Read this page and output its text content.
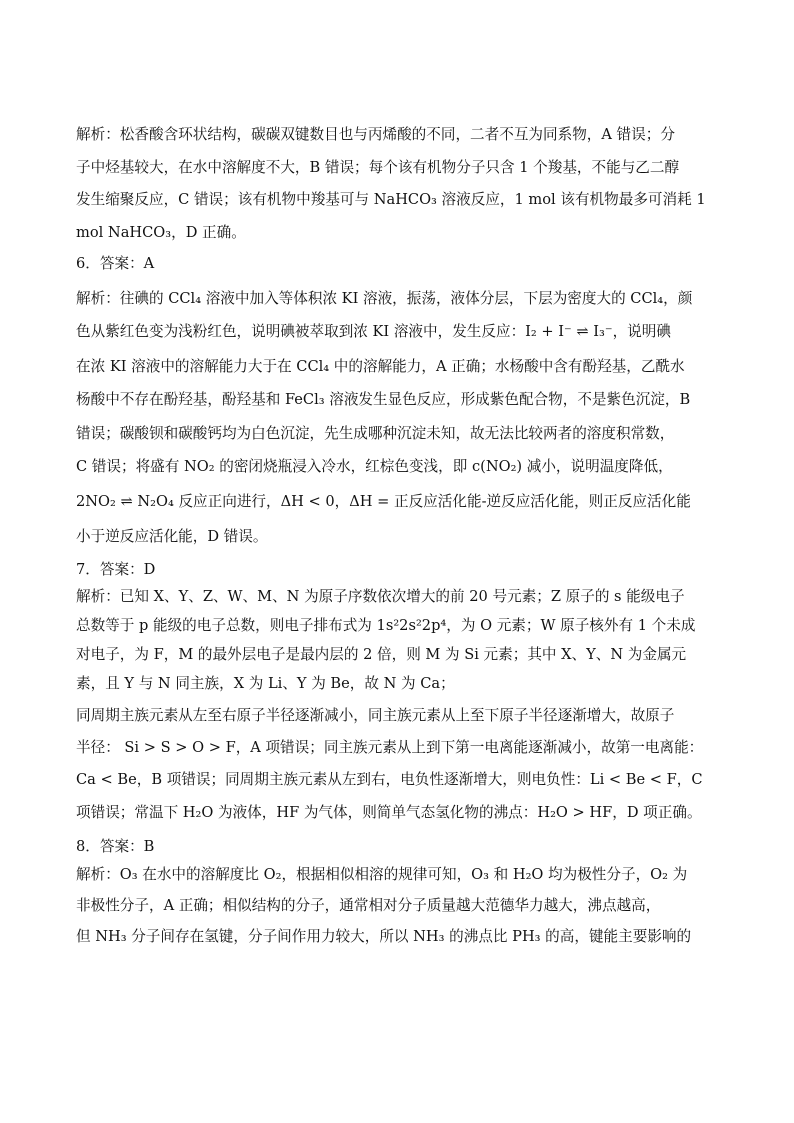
解析：松香酸含环状结构，碳碳双键数目也与丙烯酸的不同，二者不互为同系物，A 错误；分
子中烃基较大，在水中溶解度不大，B 错误；每个该有机物分子只含 1 个羧基，不能与乙二醇
发生缩聚反应，C 错误；该有机物中羧基可与 NaHCO₃ 溶液反应，1 mol 该有机物最多可消耗 1
mol NaHCO₃，D 正确。
6．答案：A
解析：往碘的 CCl₄ 溶液中加入等体积浓 KI 溶液，振荡，液体分层，下层为密度大的 CCl₄，颜
色从紫红色变为浅粉红色，说明碘被萃取到浓 KI 溶液中，发生反应：I₂ + I⁻ ⇌ I₃⁻，说明碘
在浓 KI 溶液中的溶解能力大于在 CCl₄ 中的溶解能力，A 正确；水杨酸中含有酚羟基，乙酰水
杨酸中不存在酚羟基，酚羟基和 FeCl₃ 溶液发生显色反应，形成紫色配合物，不是紫色沉淀，B
错误；碳酸钡和碳酸钙均为白色沉淀，先生成哪种沉淀未知，故无法比较两者的溶度积常数，
C 错误；将盛有 NO₂ 的密闭烧瓶浸入冷水，红棕色变浅，即 c(NO₂) 减小，说明温度降低，
2NO₂ ⇌ N₂O₄ 反应正向进行，ΔH < 0，ΔH = 正反应活化能-逆反应活化能，则正反应活化能
小于逆反应活化能，D 错误。
7．答案：D
解析：已知 X、Y、Z、W、M、N 为原子序数依次增大的前 20 号元素；Z 原子的 s 能级电子
总数等于 p 能级的电子总数，则电子排布式为 1s²2s²2p⁴，为 O 元素；W 原子核外有 1 个未成
对电子，为 F，M 的最外层电子是最内层的 2 倍，则 M 为 Si 元素；其中 X、Y、N 为金属元
素，且 Y 与 N 同主族，X 为 Li、Y 为 Be，故 N 为 Ca；
同周期主族元素从左至右原子半径逐渐减小，同主族元素从上至下原子半径逐渐增大，故原子
半径： Si > S > O > F，A 项错误；同主族元素从上到下第一电离能逐渐减小，故第一电离能：
Ca < Be，B 项错误；同周期主族元素从左到右，电负性逐渐增大，则电负性：Li < Be < F，C
项错误；常温下 H₂O 为液体，HF 为气体，则简单气态氢化物的沸点：H₂O > HF，D 项正确。
8．答案：B
解析：O₃ 在水中的溶解度比 O₂，根据相似相溶的规律可知，O₃ 和 H₂O 均为极性分子，O₂ 为
非极性分子，A 正确；相似结构的分子，通常相对分子质量越大范德华力越大，沸点越高，
但 NH₃ 分子间存在氢键，分子间作用力较大，所以 NH₃ 的沸点比 PH₃ 的高，键能主要影响的
